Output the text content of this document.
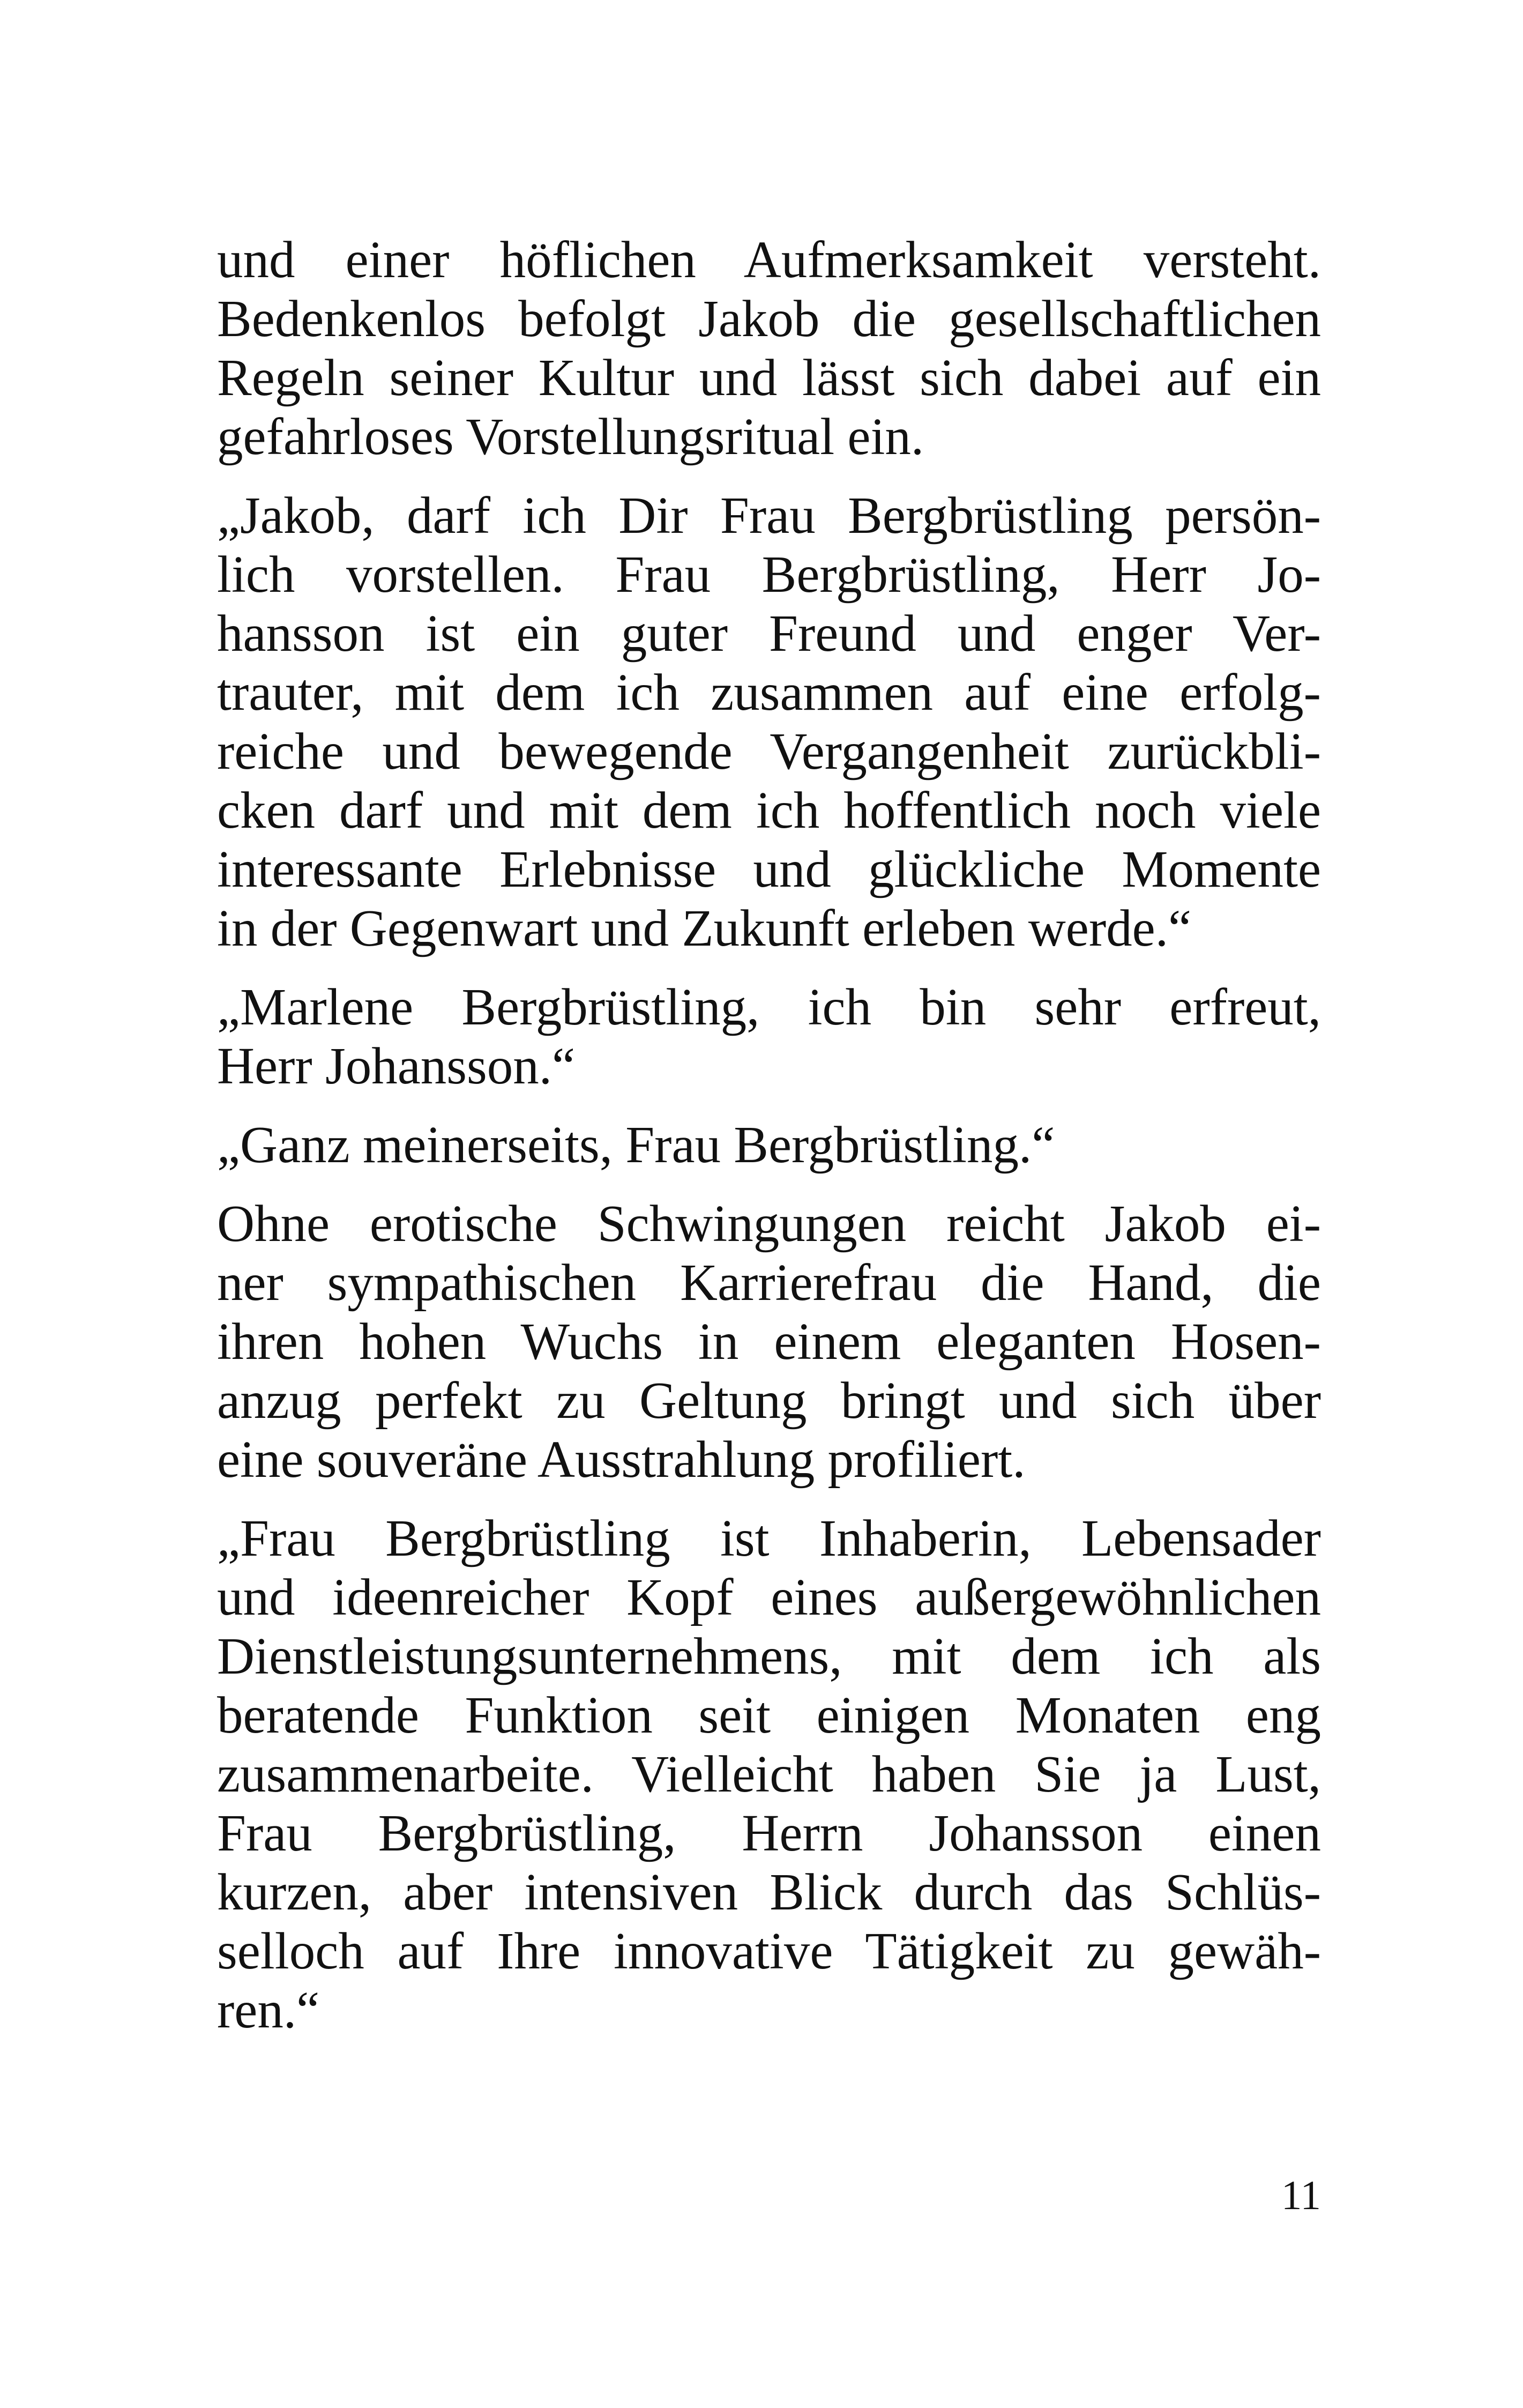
und einer höflichen Aufmerksamkeit versteht.
Bedenkenlos befolgt Jakob die gesellschaftlichen
Regeln seiner Kultur und lässt sich dabei auf ein
gefahrloses Vorstellungsritual ein.

„Jakob, darf ich Dir Frau Bergbrüstling persön-
lich vorstellen. Frau Bergbrüstling, Herr Jo-
hansson ist ein guter Freund und enger Ver-
trauter, mit dem ich zusammen auf eine erfolg-
reiche und bewegende Vergangenheit zurückbli-
cken darf und mit dem ich hoffentlich noch viele
interessante Erlebnisse und glückliche Momente
in der Gegenwart und Zukunft erleben werde.“

„Marlene Bergbrüstling, ich bin sehr erfreut,
Herr Johansson.“

„Ganz meinerseits, Frau Bergbrüstling.“

Ohne erotische Schwingungen reicht Jakob ei-
ner sympathischen Karrierefrau die Hand, die
ihren hohen Wuchs in einem eleganten Hosen-
anzug perfekt zu Geltung bringt und sich über
eine souveräne Ausstrahlung profiliert.

„Frau Bergbrüstling ist Inhaberin, Lebensader
und ideenreicher Kopf eines außergewöhnlichen
Dienstleistungsunternehmens, mit dem ich als
beratende Funktion seit einigen Monaten eng
zusammenarbeite. Vielleicht haben Sie ja Lust,
Frau Bergbrüstling, Herrn Johansson einen
kurzen, aber intensiven Blick durch das Schlüs-
selloch auf Ihre innovative Tätigkeit zu gewäh-
ren.“

11
